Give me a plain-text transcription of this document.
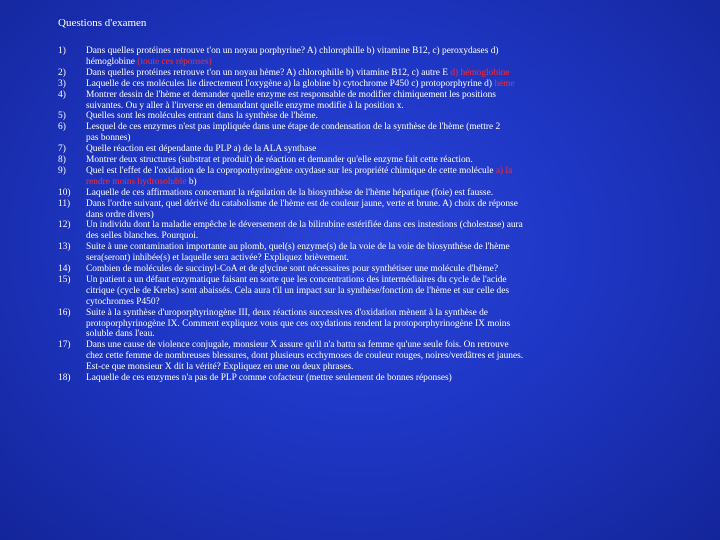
Questions d'examen
1)	Dans quelles protéines retrouve t'on un noyau porphyrine? A) chlorophille b) vitamine B12, c) peroxydases d)
hémoglobine (toute ces réponses)
2)	Dans quelles protéines retrouve t'on un noyau hème? A) chlorophille b) vitamine B12, c) autre E d) hémoglobine
3)	Laquelle de ces molécules lie directement l'oxygène a) la globine b) cytochrome P450 c) protoporphyrine d) hème
4)	Montrer dessin de l'hème et demander quelle enzyme est responsable de modifier chimiquement les positions
suivantes. Ou y aller à l'inverse en demandant quelle enzyme modifie à la position x.
5)	Quelles sont les molécules entrant dans la synthèse de l'hème.
6)	Lesquel de ces enzymes n'est pas impliquée dans une étape de condensation de la synthèse de l'hème (mettre 2
pas bonnes)
7)	Quelle réaction est dépendante du PLP a) de la ALA synthase
8)	Montrer deux structures (substrat et produit) de réaction et demander qu'elle enzyme fait cette réaction.
9)	Quel est l'effet de l'oxidation de la coproporhyrinogène oxydase sur les propriété chimique de cette molécule a) la
rendre moins hydrosoluble b)
10)	Laquelle de ces affirmations concernant la régulation de la biosynthèse de l'hème hépatique (foie) est fausse.
11)	Dans l'ordre suivant, quel dérivé du catabolisme de l'hème est de couleur jaune, verte et brune. A) choix de réponse
dans ordre divers)
12)	Un individu dont la maladie empêche le déversement de la bilirubine estérifiée dans ces instestions (cholestase) aura
des selles blanches. Pourquoi.
13)	Suite à une contamination importante au plomb, quel(s) enzyme(s) de la voie de la voie de biosynthèse de l'hème
sera(seront) inhibée(s) et laquelle sera activée? Expliquez brièvement.
14)	Combien de molécules de succinyl-CoA et de glycine sont nécessaires pour synthétiser une molécule d'hème?
15)	Un patient a un défaut enzymatique faisant en sorte que les concentrations des intermédiaires du cycle de l'acide
citrique (cycle de Krebs) sont abaissés. Cela aura t'il un impact sur la synthèse/fonction de l'hème et sur celle des
cytochromes P450?
16)	Suite à la synthèse d'uroporphyrinogène III, deux réactions successives d'oxidation mènent à la synthèse de
protoporphyrinogène IX. Comment expliquez vous que ces oxydations rendent la protoporphyrinogène IX moins
soluble dans l'eau.
17)	Dans une cause de violence conjugale, monsieur X assure qu'il n'a battu sa femme qu'une seule fois. On retrouve
chez cette femme de nombreuses blessures, dont plusieurs ecchymoses de couleur rouges, noires/verdâtres et jaunes.
Est-ce que monsieur X dit la vérité? Expliquez en une ou deux phrases.
18)	Laquelle de ces enzymes n'a pas de PLP comme cofacteur (mettre seulement de bonnes réponses)
